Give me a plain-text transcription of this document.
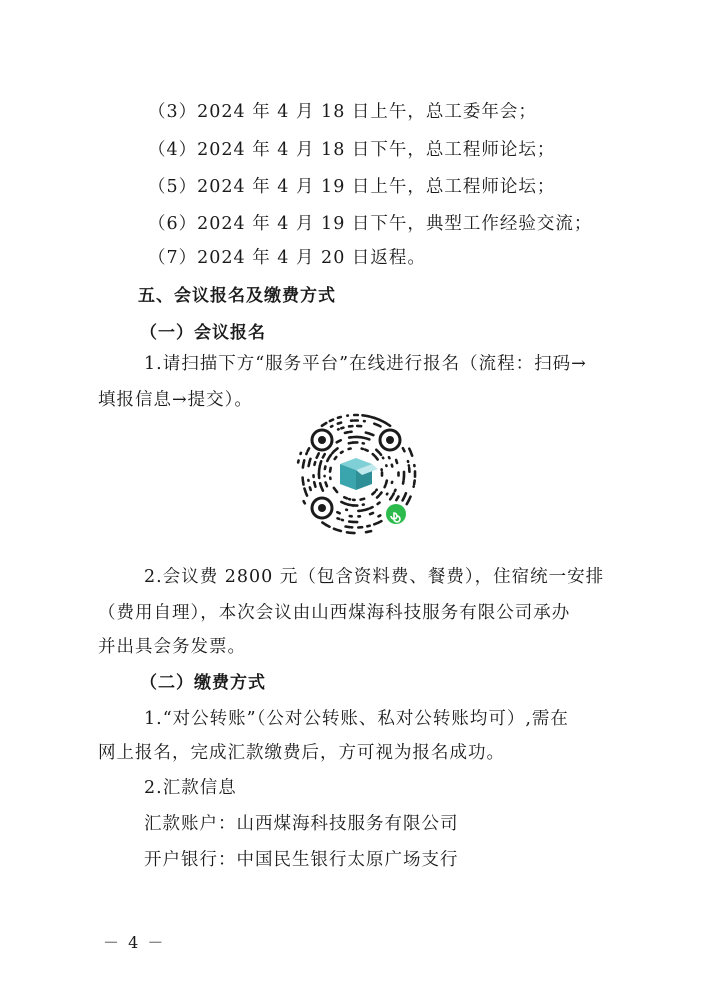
（3）2024 年 4 月 18 日上午，总工委年会；
（4）2024 年 4 月 18 日下午，总工程师论坛；
（5）2024 年 4 月 19 日上午，总工程师论坛；
（6）2024 年 4 月 19 日下午，典型工作经验交流；
（7）2024 年 4 月 20 日返程。
五、会议报名及缴费方式
（一）会议报名
1.请扫描下方“服务平台”在线进行报名（流程：扫码→
填报信息→提交）。
2.会议费 2800 元（包含资料费、餐费），住宿统一安排
（费用自理），本次会议由山西煤海科技服务有限公司承办
并出具会务发票。
（二）缴费方式
1.“对公转账”（公对公转账、私对公转账均可）,需在
网上报名，完成汇款缴费后，方可视为报名成功。
2.汇款信息
汇款账户：山西煤海科技服务有限公司
开户银行：中国民生银行太原广场支行
－ 4 －
